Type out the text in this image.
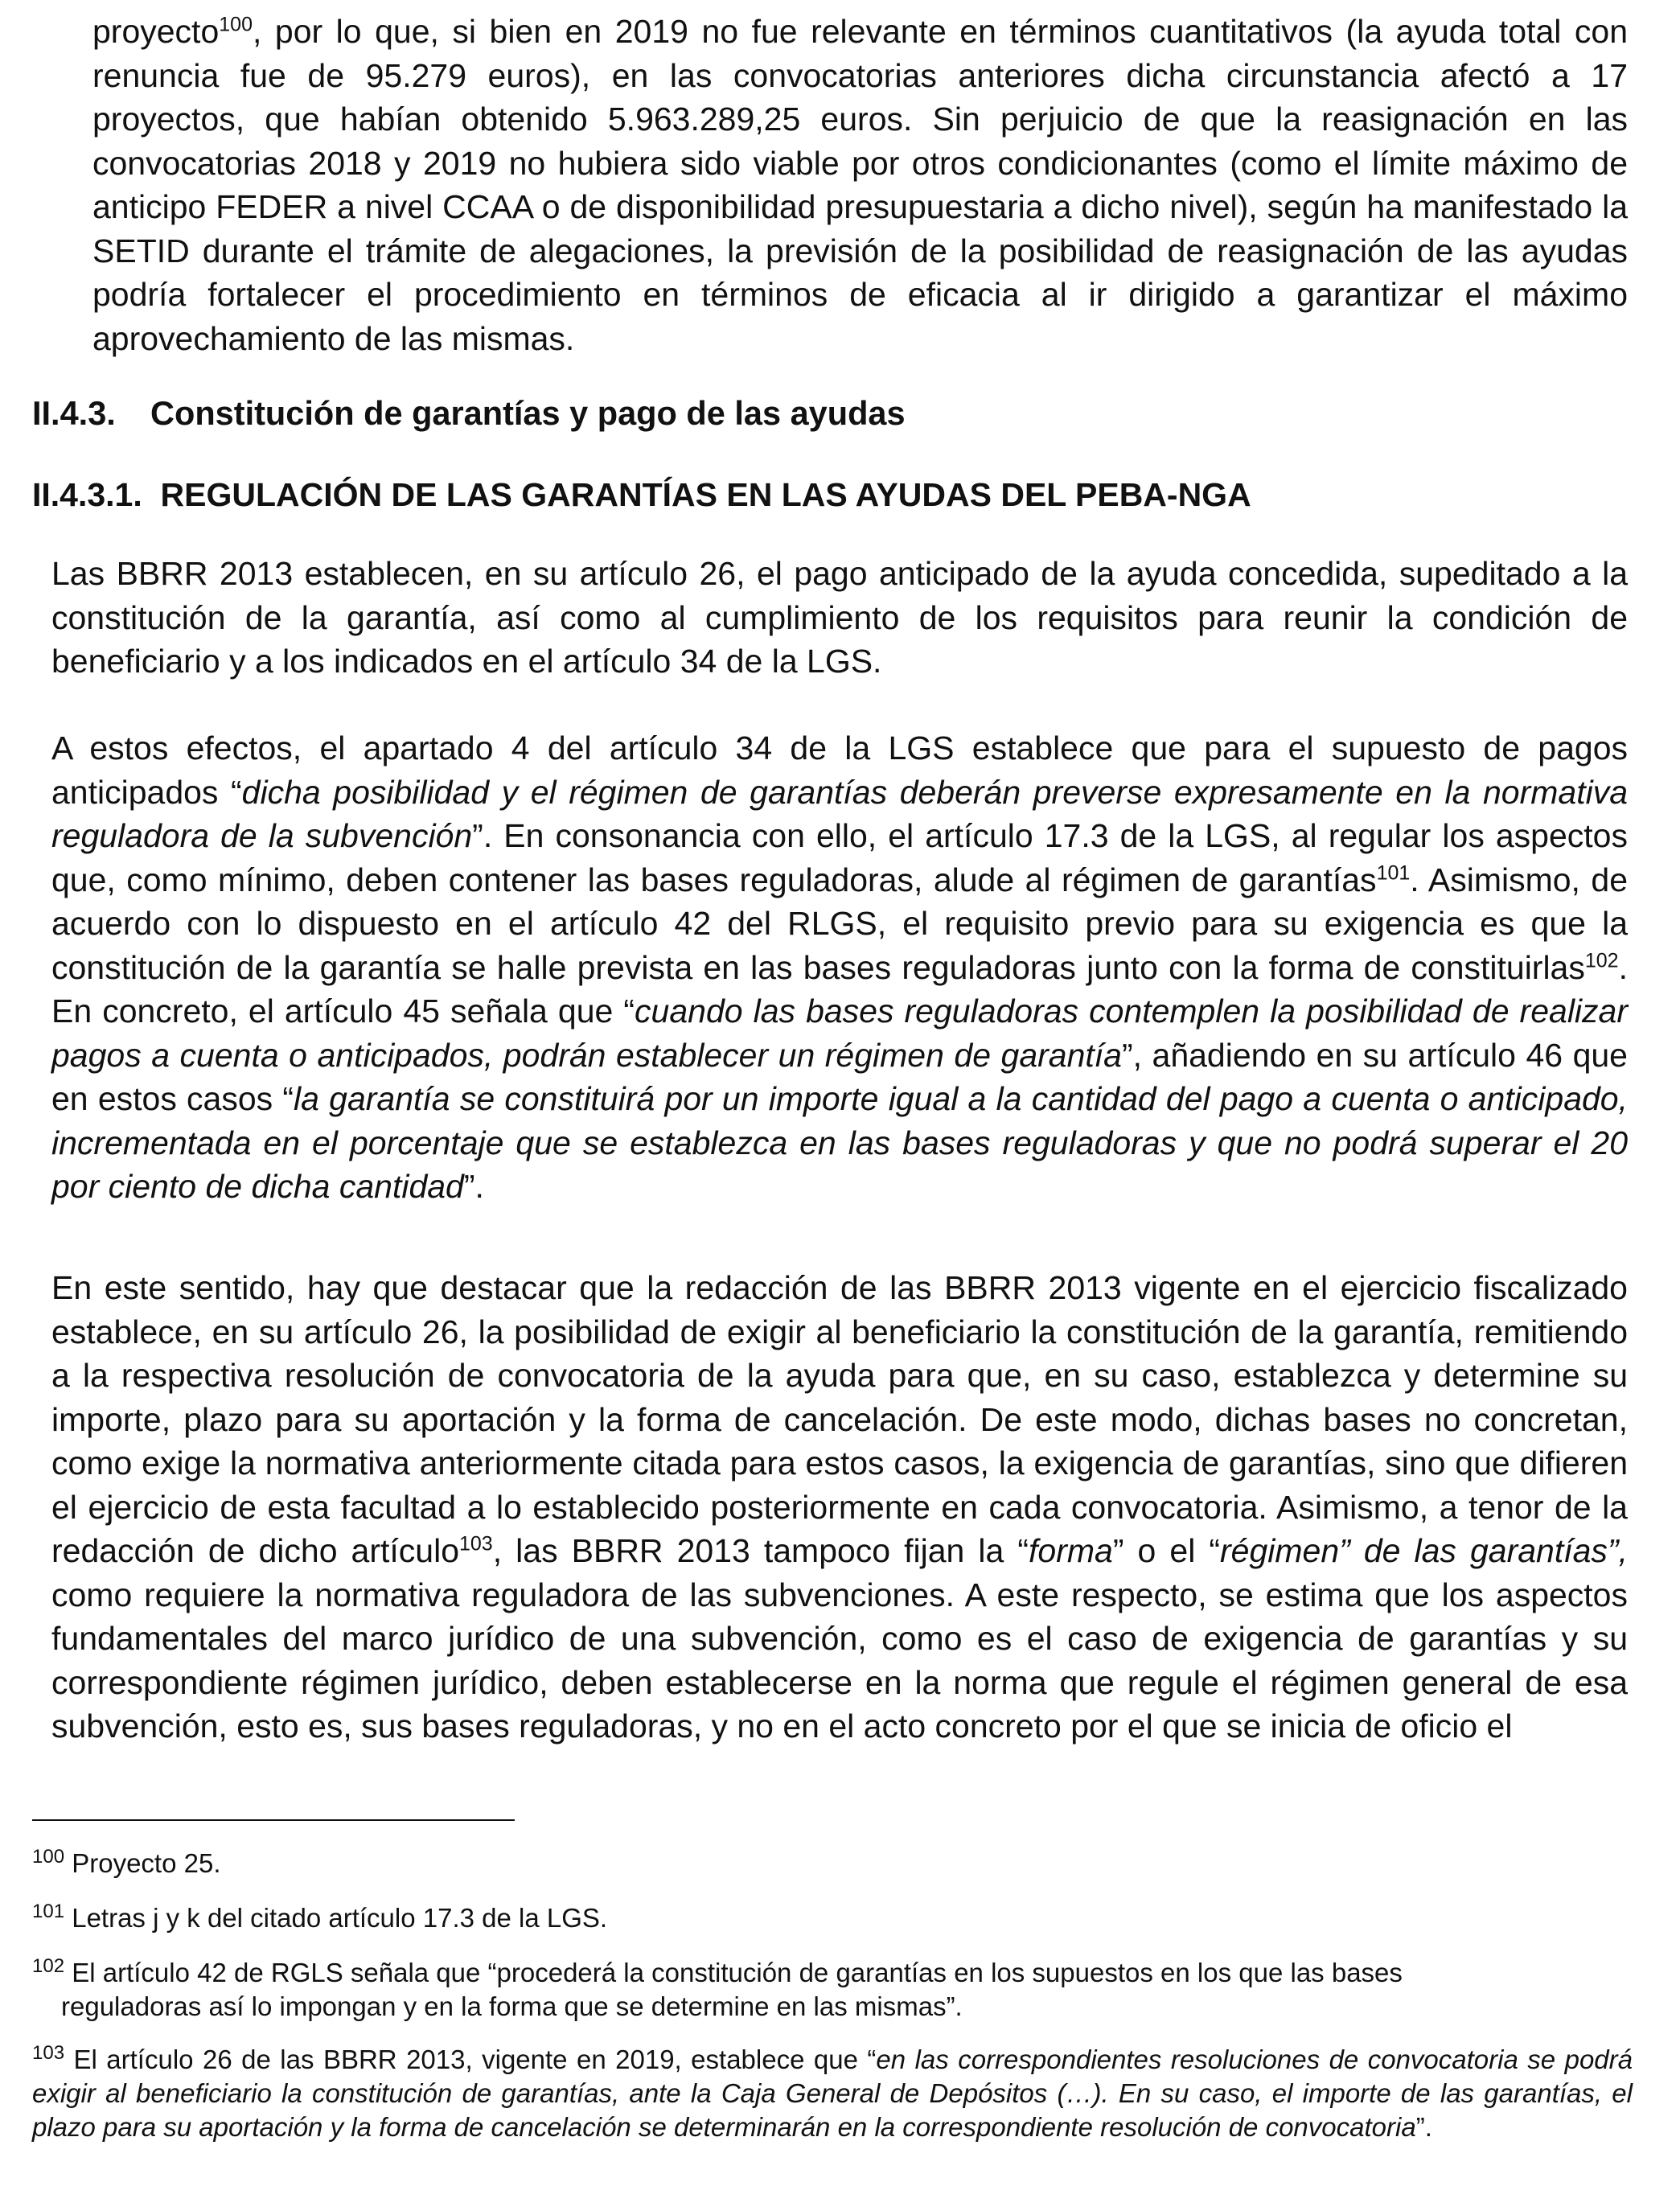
proyecto$^{100}$, por lo que, si bien en 2019 no fue relevante en términos cuantitativos (la ayuda total con renuncia fue de 95.279 euros), en las convocatorias anteriores dicha circunstancia afectó a 17 proyectos, que habían obtenido 5.963.289,25 euros. Sin perjuicio de que la reasignación en las convocatorias 2018 y 2019 no hubiera sido viable por otros condicionantes (como el límite máximo de anticipo FEDER a nivel CCAA o de disponibilidad presupuestaria a dicho nivel), según ha manifestado la SETID durante el trámite de alegaciones, la previsión de la posibilidad de reasignación de las ayudas podría fortalecer el procedimiento en términos de eficacia al ir dirigido a garantizar el máximo aprovechamiento de las mismas.

II.4.3. Constitución de garantías y pago de las ayudas
II.4.3.1.  REGULACIÓN DE LAS GARANTÍAS EN LAS AYUDAS DEL PEBA-NGA

Las BBRR 2013 establecen, en su artículo 26, el pago anticipado de la ayuda concedida, supeditado a la constitución de la garantía, así como al cumplimiento de los requisitos para reunir la condición de beneficiario y a los indicados en el artículo 34 de la LGS.

A estos efectos, el apartado 4 del artículo 34 de la LGS establece que para el supuesto de pagos anticipados “dicha posibilidad y el régimen de garantías deberán preverse expresamente en la normativa reguladora de la subvención”. En consonancia con ello, el artículo 17.3 de la LGS, al regular los aspectos que, como mínimo, deben contener las bases reguladoras, alude al régimen de garantías$^{101}$. Asimismo, de acuerdo con lo dispuesto en el artículo 42 del RLGS, el requisito previo para su exigencia es que la constitución de la garantía se halle prevista en las bases reguladoras junto con la forma de constituirlas$^{102}$. En concreto, el artículo 45 señala que “cuando las bases reguladoras contemplen la posibilidad de realizar pagos a cuenta o anticipados, podrán establecer un régimen de garantía”, añadiendo en su artículo 46 que en estos casos “la garantía se constituirá por un importe igual a la cantidad del pago a cuenta o anticipado, incrementada en el porcentaje que se establezca en las bases reguladoras y que no podrá superar el 20 por ciento de dicha cantidad”.

En este sentido, hay que destacar que la redacción de las BBRR 2013 vigente en el ejercicio fiscalizado establece, en su artículo 26, la posibilidad de exigir al beneficiario la constitución de la garantía, remitiendo a la respectiva resolución de convocatoria de la ayuda para que, en su caso, establezca y determine su importe, plazo para su aportación y la forma de cancelación. De este modo, dichas bases no concretan, como exige la normativa anteriormente citada para estos casos, la exigencia de garantías, sino que difieren el ejercicio de esta facultad a lo establecido posteriormente en cada convocatoria. Asimismo, a tenor de la redacción de dicho artículo$^{103}$, las BBRR 2013 tampoco fijan la “forma” o el “régimen” de las garantías”, como requiere la normativa reguladora de las subvenciones. A este respecto, se estima que los aspectos fundamentales del marco jurídico de una subvención, como es el caso de exigencia de garantías y su correspondiente régimen jurídico, deben establecerse en la norma que regule el régimen general de esa subvención, esto es, sus bases reguladoras, y no en el acto concreto por el que se inicia de oficio el

$^{100}$ Proyecto 25.

$^{101}$ Letras j y k del citado artículo 17.3 de la LGS.

$^{102}$ El artículo 42 de RGLS señala que “procederá la constitución de garantías en los supuestos en los que las bases
reguladoras así lo impongan y en la forma que se determine en las mismas”.

$^{103}$ El artículo 26 de las BBRR 2013, vigente en 2019, establece que “en las correspondientes resoluciones de convocatoria se podrá exigir al beneficiario la constitución de garantías, ante la Caja General de Depósitos (…). En su caso, el importe de las garantías, el plazo para su aportación y la forma de cancelación se determinarán en la correspondiente resolución de convocatoria”.
